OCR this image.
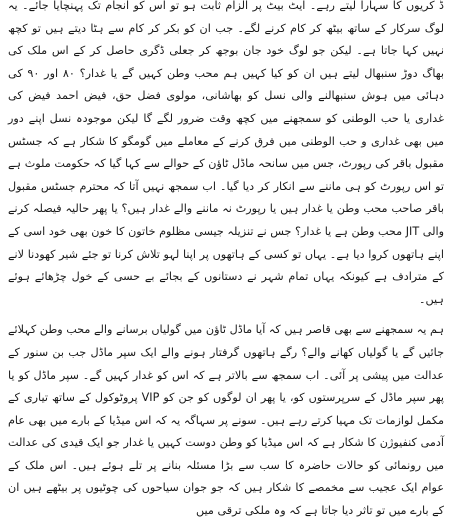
ڈ کریوں کا سہارا لیتے رہے۔ ایٹ بیٹ پر الزام ثابت ہو تو اس کو انجام تک پہنچایا جائے۔ یہ لوگ سرکار کے ساتھ بیٹھ کر کام کرنے لگے۔ جب ان کو بکر کر کام سے ہٹا دیتے ہیں تو کچھ نہیں کہا جاتا ہے۔ لیکن جو لوگ خود جان بوجھ کر جعلی ڈگری حاصل کر کے اس ملک کی بھاگ دوڑ سنبھال لیتے ہیں ان کو کیا کہیں ہم محب وطن کہیں گے یا غدار؟ ۸۰ اور ۹۰ کی دہائی میں ہوش سنبھالنے والی نسل کو بھاشانی، مولوی فضل حق، فیض احمد فیض کی غداری یا حب الوطنی کو سمجھنے میں کچھ وقت ضرور لگے گا لیکن موجودہ نسل اپنے دور میں بھی غداری و حب الوطنی میں فرق کرنے کے معاملے میں گومگو کا شکار ہے کہ جسٹس مقبول باقر کی رپورٹ، جس میں سانحہ ماڈل ٹاؤن کے حوالے سے کہا گیا کہ حکومت ملوث ہے تو اس رپورٹ کو ہی ماننے سے انکار کر دیا گیا۔ اب سمجھ نہیں آتا کہ محترم جسٹس مقبول باقر صاحب محب وطن یا غدار ہیں یا رپورٹ نہ ماننے والے غدار ہیں؟ یا پھر حالیہ فیصلہ کرنے والی JIT محب وطن ہے یا غدار؟ جس نے تنزیلہ جیسی مظلوم خاتون کا خون بھی خود اسی کے اپنے ہاتھوں کروا دیا ہے۔ یہاں تو کسی کے ہاتھوں پر اپنا لہو تلاش کرنا تو جئے شیر کھودنا لانے کے مترادف ہے کیونکہ یہاں تمام شہر نے دستانوں کے بجائے بے حسی کے خول چڑھائے ہوئے ہیں۔

ہم یہ سمجھنے سے بھی قاصر ہیں کہ آیا ماڈل ٹاؤن میں گولیاں برسانے والے محب وطن کہلائے جائیں گے یا گولیاں کھانے والے؟ رگے ہاتھوں گرفتار ہونے والے ایک سپر ماڈل جب بن سنور کے عدالت میں پیشی پر آئی۔ اب سمجھ سے بالاتر ہے کہ اس کو غدار کہیں گے۔ سپر ماڈل کو یا پھر سپر ماڈل کے سرپرستوں کو، یا پھر ان لوگوں کو جن کو VIP پروٹوکول کے ساتھ تیاری کے مکمل لوازمات تک مہیا کرتے رہے ہیں۔ سونے پر سہاگہ یہ کہ اس میڈیا کے بارے میں بھی عام آدمی کنفیوژن کا شکار ہے کہ اس میڈیا کو وطن دوست کہیں یا غدار جو ایک قیدی کی عدالت میں رونمائی کو حالات حاضرہ کا سب سے بڑا مسئلہ بنانے پر تلے ہوئے ہیں۔ اس ملک کے عوام ایک عجیب سے مخمصے کا شکار ہیں کہ جو جوان سیاحوں کی چوٹیوں پر بیٹھے ہیں ان کے بارے میں تو تاثر دیا جاتا ہے کہ وہ ملکی ترقی میں
